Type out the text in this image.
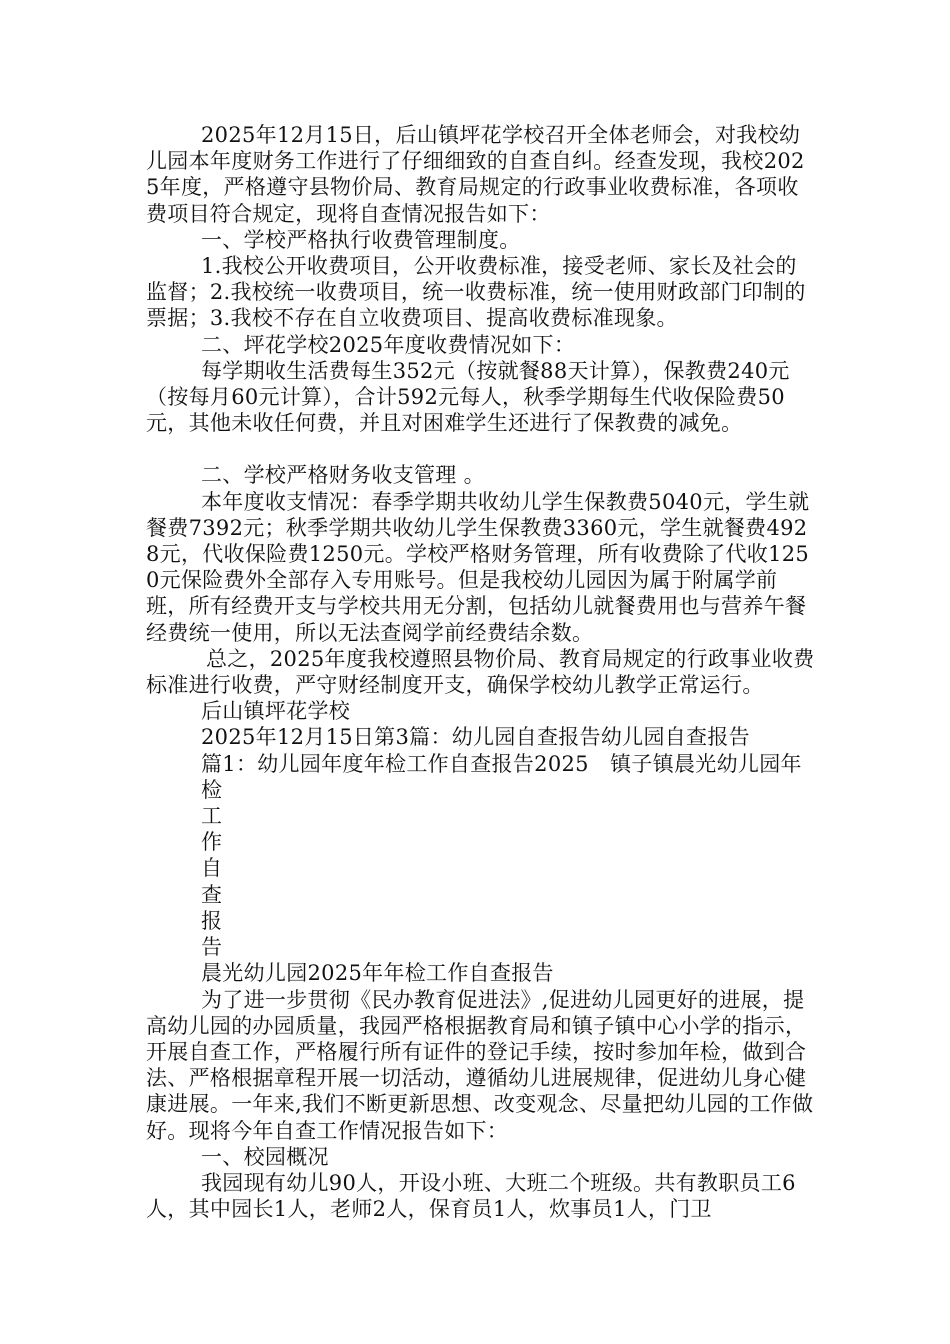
2025年12月15日，后山镇坪花学校召开全体老师会，对我校幼儿园本年度财务工作进行了仔细细致的自查自纠。经查发现，我校2025年度，严格遵守县物价局、教育局规定的行政事业收费标准，各项收费项目符合规定，现将自查情况报告如下：

一、学校严格执行收费管理制度。

1.我校公开收费项目，公开收费标准，接受老师、家长及社会的监督；2.我校统一收费项目，统一收费标准，统一使用财政部门印制的票据；3.我校不存在自立收费项目、提高收费标准现象。

二、坪花学校2025年度收费情况如下：

每学期收生活费每生352元（按就餐88天计算），保教费240元（按每月60元计算），合计592元每人，秋季学期每生代收保险费50元，其他未收任何费，并且对困难学生还进行了保教费的减免。

二、学校严格财务收支管理 。

本年度收支情况：春季学期共收幼儿学生保教费5040元，学生就餐费7392元；秋季学期共收幼儿学生保教费3360元，学生就餐费4928元，代收保险费1250元。学校严格财务管理，所有收费除了代收1250元保险费外全部存入专用账号。但是我校幼儿园因为属于附属学前班，所有经费开支与学校共用无分割，包括幼儿就餐费用也与营养午餐经费统一使用，所以无法查阅学前经费结余数。

总之，2025年度我校遵照县物价局、教育局规定的行政事业收费标准进行收费，严守财经制度开支，确保学校幼儿教学正常运行。

后山镇坪花学校

2025年12月15日第3篇：幼儿园自查报告幼儿园自查报告

篇1：幼儿园年度年检工作自查报告2025　镇子镇晨光幼儿园年

检
工
作
自
查
报
告

晨光幼儿园2025年年检工作自查报告

为了进一步贯彻《民办教育促进法》,促进幼儿园更好的进展，提高幼儿园的办园质量，我园严格根据教育局和镇子镇中心小学的指示，开展自查工作，严格履行所有证件的登记手续，按时参加年检，做到合法、严格根据章程开展一切活动，遵循幼儿进展规律，促进幼儿身心健康进展。一年来,我们不断更新思想、改变观念、尽量把幼儿园的工作做好。现将今年自查工作情况报告如下：

一、校园概况

我园现有幼儿90人，开设小班、大班二个班级。共有教职员工6人，其中园长1人，老师2人，保育员1人，炊事员1人，门卫
